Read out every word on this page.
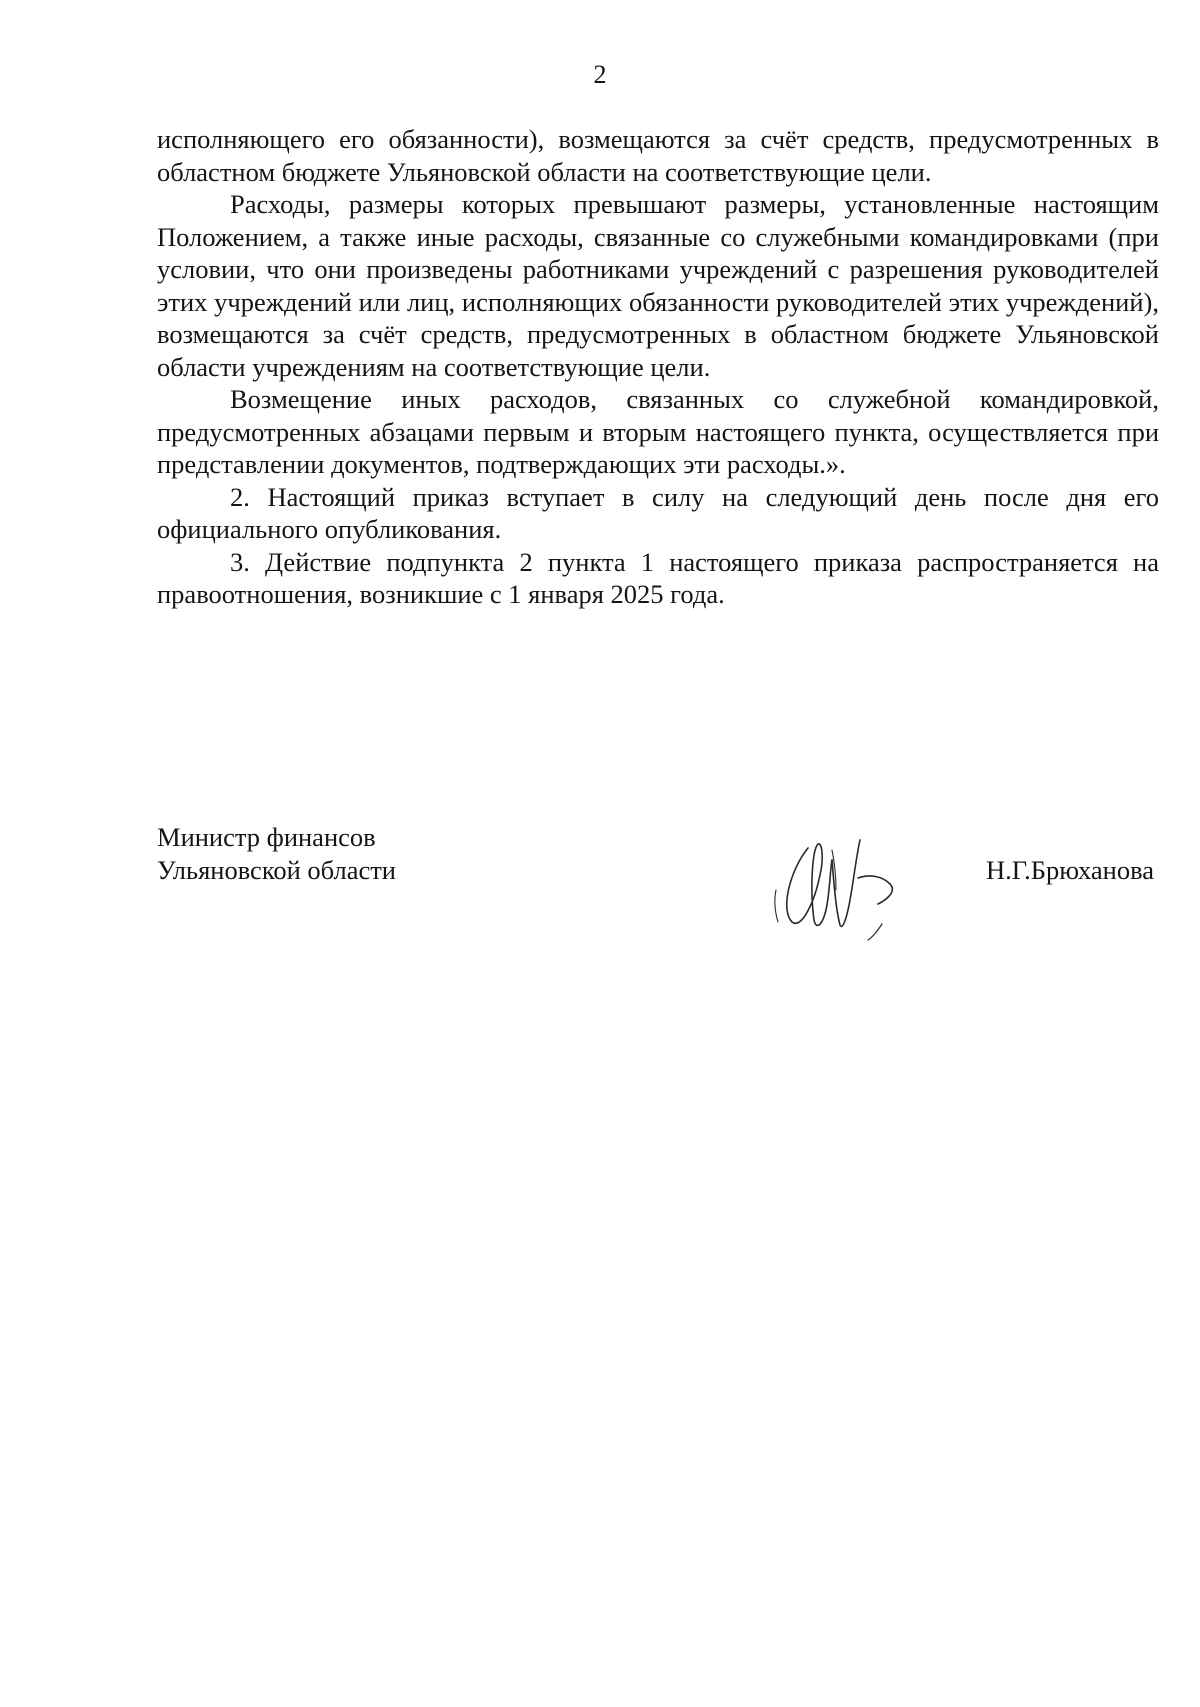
2

исполняющего его обязанности), возмещаются за счёт средств, предусмотренных в областном бюджете Ульяновской области на соответствующие цели.

Расходы, размеры которых превышают размеры, установленные настоящим Положением, а также иные расходы, связанные со служебными командировками (при условии, что они произведены работниками учреждений с разрешения руководителей этих учреждений или лиц, исполняющих обязанности руководителей этих учреждений), возмещаются за счёт средств, предусмотренных в областном бюджете Ульяновской области учреждениям на соответствующие цели.

Возмещение иных расходов, связанных со служебной командировкой, предусмотренных абзацами первым и вторым настоящего пункта, осуществляется при представлении документов, подтверждающих эти расходы.».

2. Настоящий приказ вступает в силу на следующий день после дня его официального опубликования.

3. Действие подпункта 2 пункта 1 настоящего приказа распространяется на правоотношения, возникшие с 1 января 2025 года.

Министр финансов
Ульяновской области	Н.Г.Брюханова
